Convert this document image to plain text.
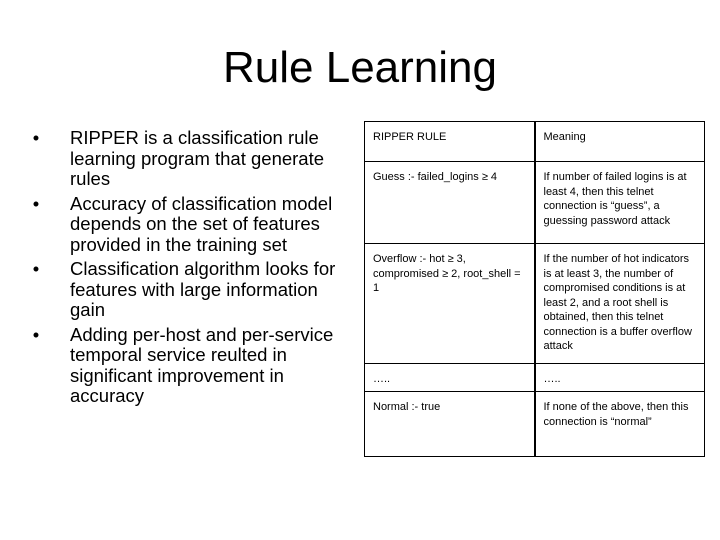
Rule Learning
• RIPPER is a classification rule learning program that generate rules
• Accuracy of classification model depends on the set of features provided in the training set
• Classification algorithm looks for features with large information gain
• Adding per-host and per-service temporal service reulted in significant improvement in accuracy
RIPPER RULE	Meaning
Guess :- failed_logins ≥ 4	If number of failed logins is at least 4, then this telnet connection is “guess”, a guessing password attack
Overflow :- hot ≥ 3, compromised ≥ 2, root_shell = 1	If the number of hot indicators is at least 3, the number of compromised conditions is at least 2, and a root shell is obtained, then this telnet connection is a buffer overflow attack
…..	…..
Normal :- true	If none of the above, then this connection is “normal”
